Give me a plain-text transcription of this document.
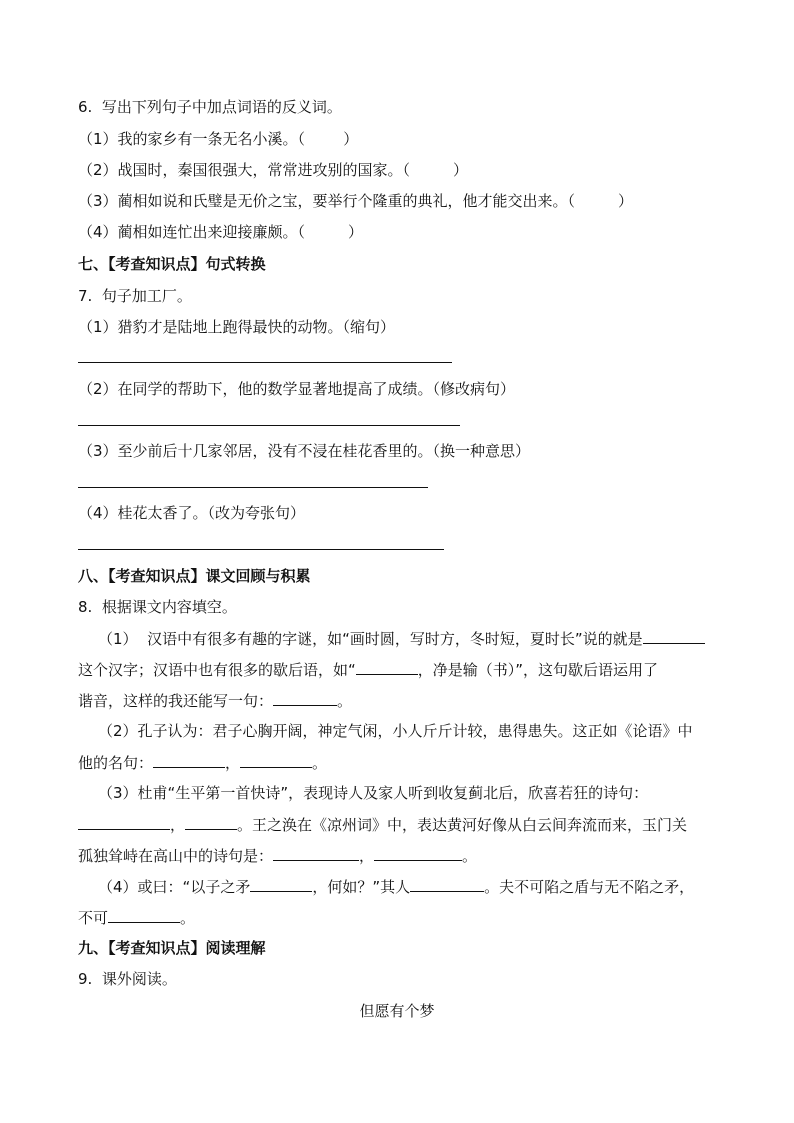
6.  写出下列句子中加点词语的反义词。
（1）我的家乡有一条无名小溪。（        ）
（2）战国时，秦国很强大，常常进攻别的国家。（         ）
（3）蔺相如说和氏璧是无价之宝，要举行个隆重的典礼，他才能交出来。（         ）
（4）蔺相如连忙出来迎接廉颇。（         ）
七、【考查知识点】句式转换
7.  句子加工厂。
（1）猎豹才是陆地上跑得最快的动物。（缩句）
（2）在同学的帮助下，他的数学显著地提高了成绩。（修改病句）
（3）至少前后十几家邻居，没有不浸在桂花香里的。（换一种意思）
（4）桂花太香了。（改为夸张句）
八、【考查知识点】课文回顾与积累
8.  根据课文内容填空。
（1）  汉语中有很多有趣的字谜，如“画时圆，写时方，冬时短，夏时长”说的就是
这个汉字；汉语中也有很多的歇后语，如“	，净是输（书）”，这句歇后语运用了
谐音，这样的我还能写一句：	。
（2）孔子认为：君子心胸开阔，神定气闲，小人斤斤计较，患得患失。这正如《论语》中
他的名句：	，	。
（3）杜甫“生平第一首快诗”，表现诗人及家人听到收复蓟北后，欣喜若狂的诗句：
，	。王之涣在《凉州词》中，表达黄河好像从白云间奔流而来，玉门关
孤独耸峙在高山中的诗句是：	，	。
（4）或曰：“以子之矛	，何如？”其人	。夫不可陷之盾与无不陷之矛，
不可	。
九、【考查知识点】阅读理解
9.  课外阅读。
但愿有个梦
